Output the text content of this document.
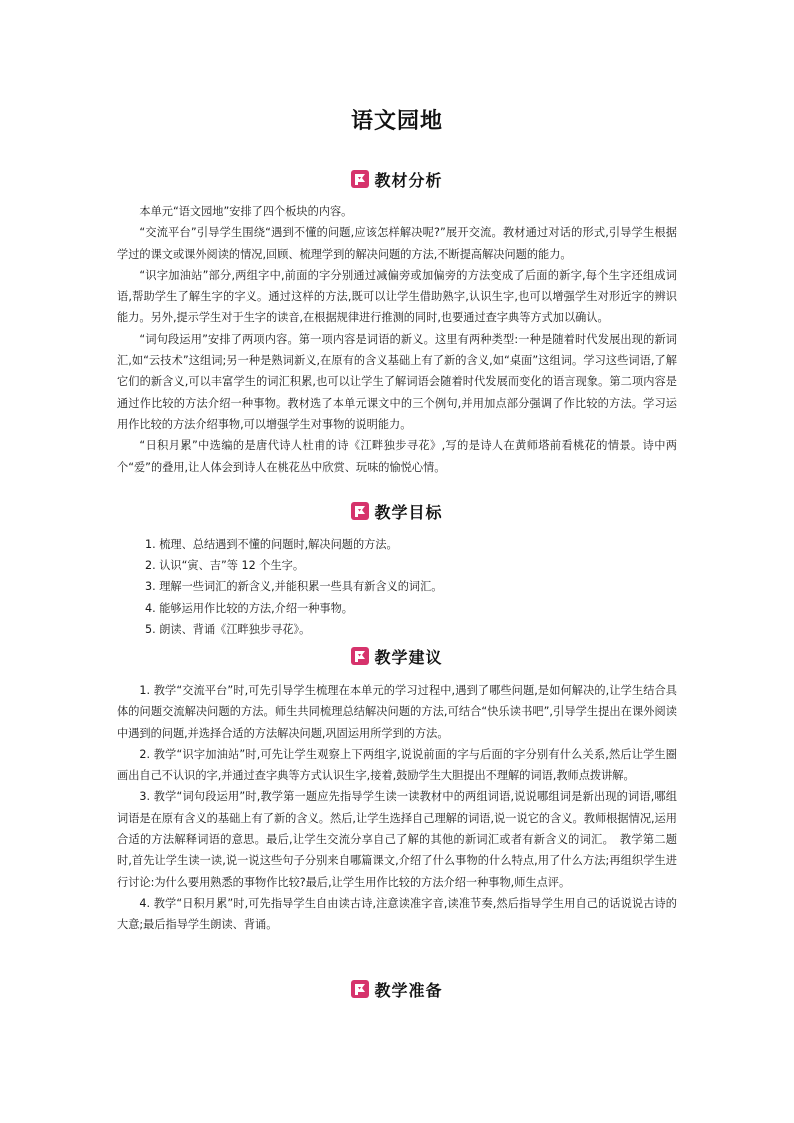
语文园地
教材分析

本单元“语文园地”安排了四个板块的内容。

“交流平台”引导学生围绕“遇到不懂的问题,应该怎样解决呢?”展开交流。教材通过对话的形式,引导学生根据学过的课文或课外阅读的情况,回顾、梳理学到的解决问题的方法,不断提高解决问题的能力。

“识字加油站”部分,两组字中,前面的字分别通过减偏旁或加偏旁的方法变成了后面的新字,每个生字还组成词语,帮助学生了解生字的字义。通过这样的方法,既可以让学生借助熟字,认识生字,也可以增强学生对形近字的辨识能力。另外,提示学生对于生字的读音,在根据规律进行推测的同时,也要通过查字典等方式加以确认。

“词句段运用”安排了两项内容。第一项内容是词语的新义。这里有两种类型:一种是随着时代发展出现的新词汇,如“云技术”这组词;另一种是熟词新义,在原有的含义基础上有了新的含义,如“桌面”这组词。学习这些词语,了解它们的新含义,可以丰富学生的词汇积累,也可以让学生了解词语会随着时代发展而变化的语言现象。第二项内容是通过作比较的方法介绍一种事物。教材选了本单元课文中的三个例句,并用加点部分强调了作比较的方法。学习运用作比较的方法介绍事物,可以增强学生对事物的说明能力。

“日积月累”中选编的是唐代诗人杜甫的诗《江畔独步寻花》,写的是诗人在黄师塔前看桃花的情景。诗中两个“爱”的叠用,让人体会到诗人在桃花丛中欣赏、玩味的愉悦心情。

教学目标
1. 梳理、总结遇到不懂的问题时,解决问题的方法。
2. 认识“寅、吉”等 12 个生字。
3. 理解一些词汇的新含义,并能积累一些具有新含义的词汇。
4. 能够运用作比较的方法,介绍一种事物。
5. 朗读、背诵《江畔独步寻花》。
教学建议

1. 教学“交流平台”时,可先引导学生梳理在本单元的学习过程中,遇到了哪些问题,是如何解决的,让学生结合具体的问题交流解决问题的方法。师生共同梳理总结解决问题的方法,可结合“快乐读书吧”,引导学生提出在课外阅读中遇到的问题,并选择合适的方法解决问题,巩固运用所学到的方法。

2. 教学“识字加油站”时,可先让学生观察上下两组字,说说前面的字与后面的字分别有什么关系,然后让学生圈画出自己不认识的字,并通过查字典等方式认识生字,接着,鼓励学生大胆提出不理解的词语,教师点拨讲解。

3. 教学“词句段运用”时,教学第一题应先指导学生读一读教材中的两组词语,说说哪组词是新出现的词语,哪组词语是在原有含义的基础上有了新的含义。然后,让学生选择自己理解的词语,说一说它的含义。教师根据情况,运用合适的方法解释词语的意思。最后,让学生交流分享自己了解的其他的新词汇或者有新含义的词汇。　教学第二题时,首先让学生读一读,说一说这些句子分别来自哪篇课文,介绍了什么事物的什么特点,用了什么方法;再组织学生进行讨论:为什么要用熟悉的事物作比较?最后,让学生用作比较的方法介绍一种事物,师生点评。

4. 教学“日积月累”时,可先指导学生自由读古诗,注意读准字音,读准节奏,然后指导学生用自己的话说说古诗的大意;最后指导学生朗读、背诵。

教学准备
